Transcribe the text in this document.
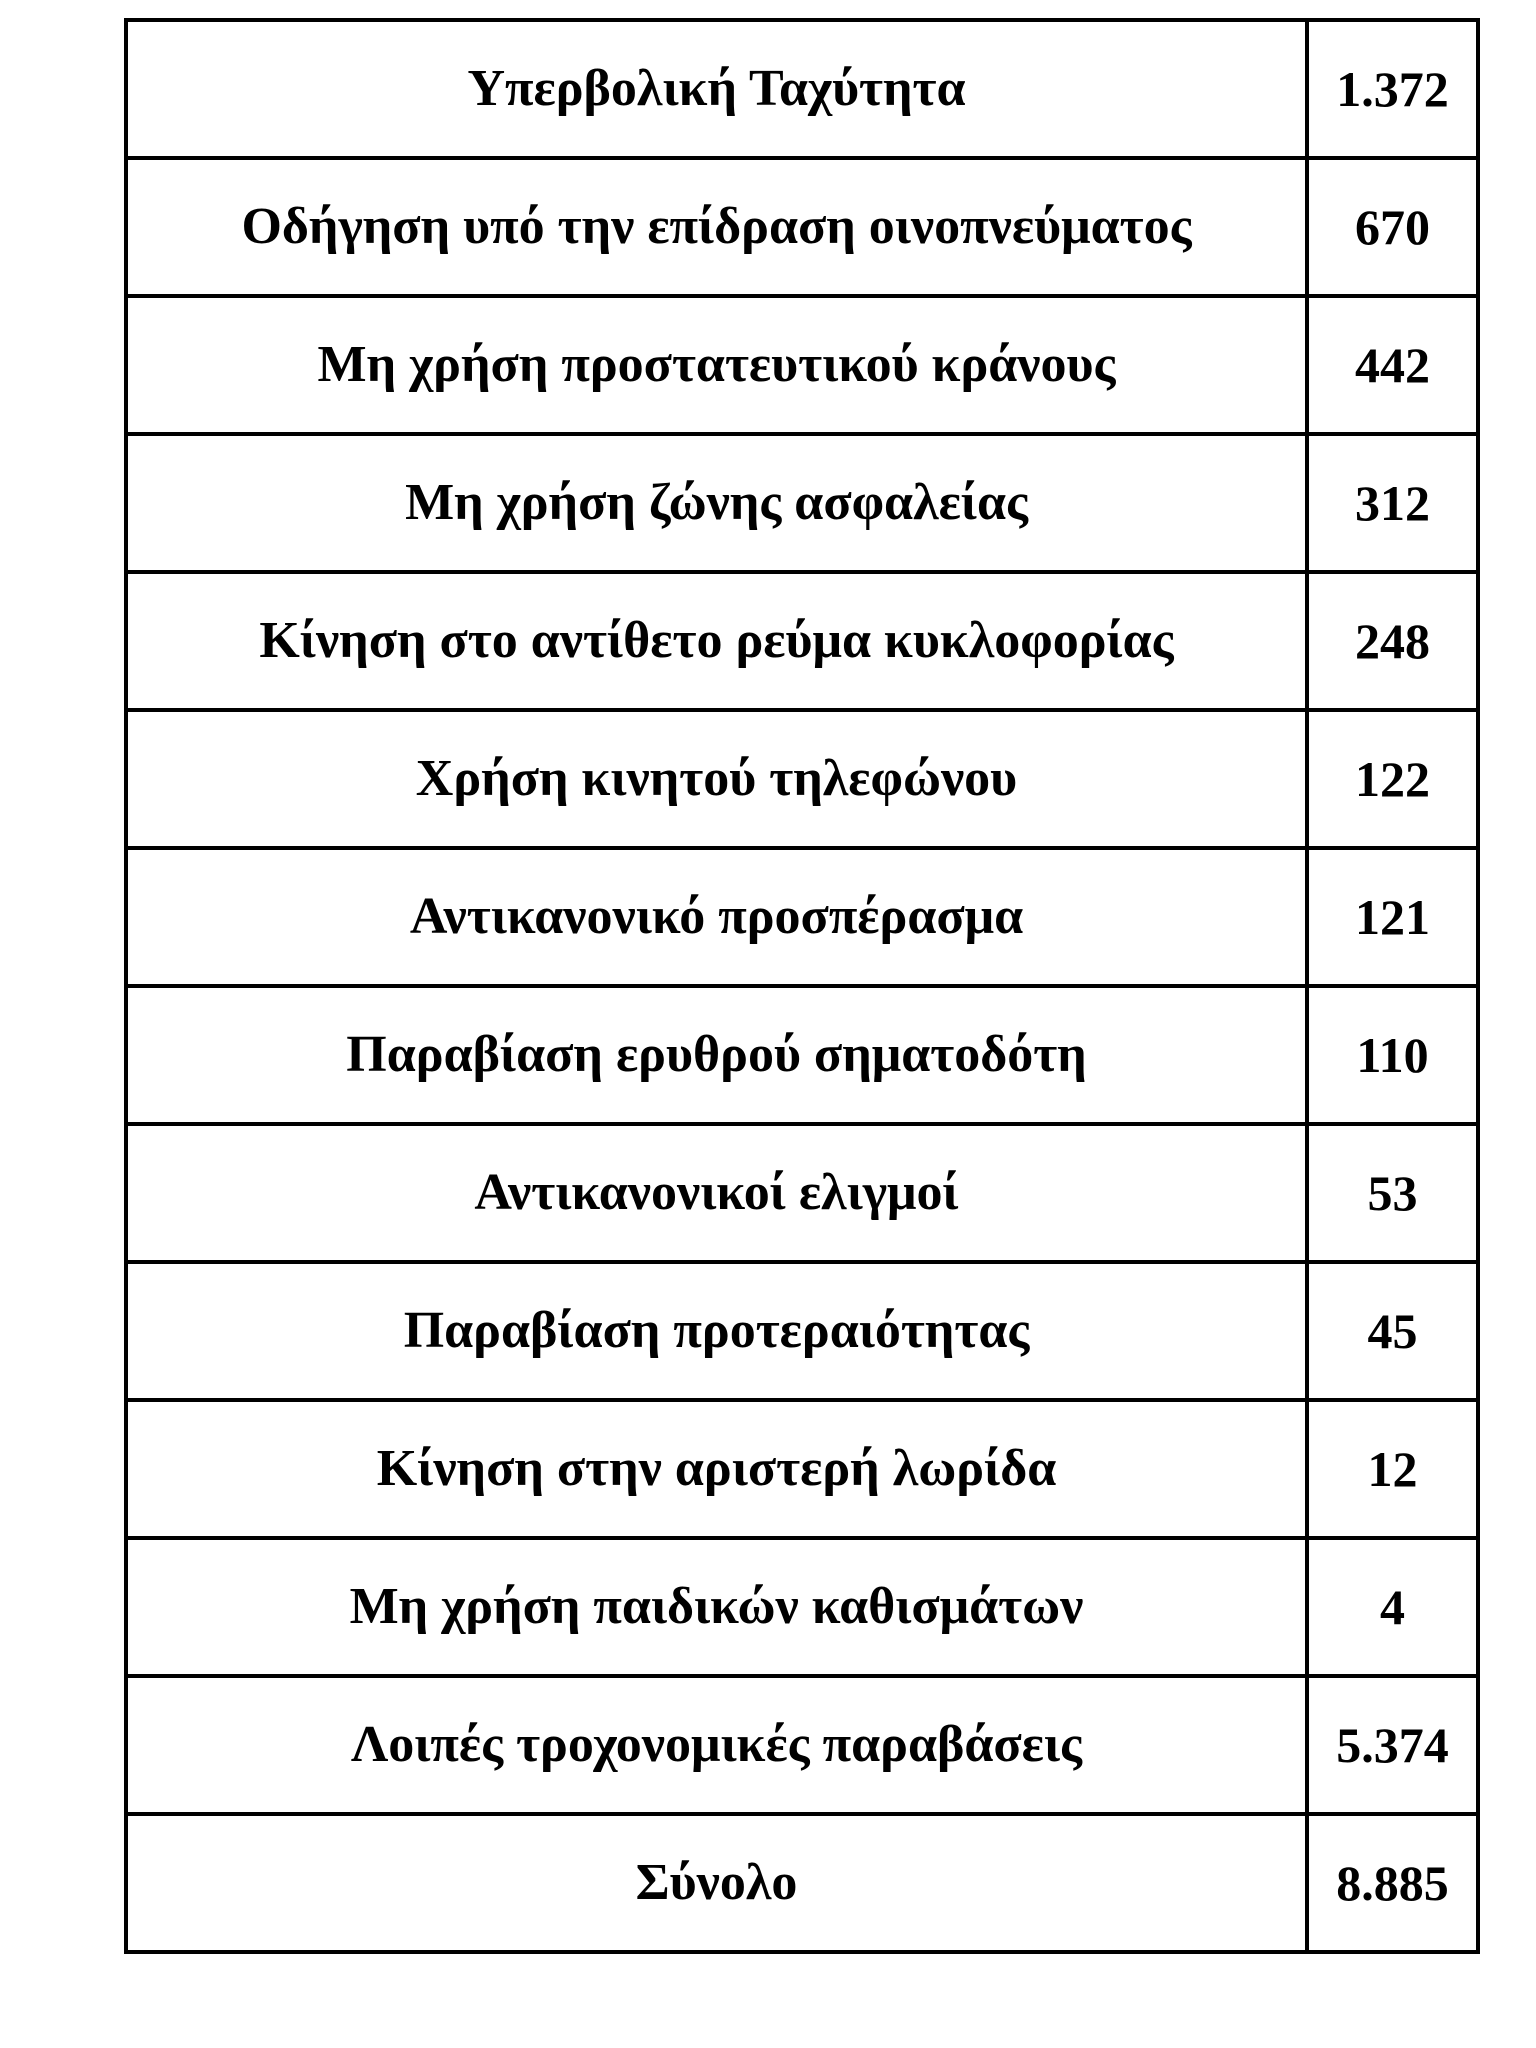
Υπερβολική Ταχύτητα	1.372
Οδήγηση υπό την επίδραση οινοπνεύματος	670
Μη χρήση προστατευτικού κράνους	442
Μη χρήση ζώνης ασφαλείας	312
Κίνηση στο αντίθετο ρεύμα κυκλοφορίας	248
Χρήση κινητού τηλεφώνου	122
Αντικανονικό προσπέρασμα	121
Παραβίαση ερυθρού σηματοδότη	110
Αντικανονικοί ελιγμοί	53
Παραβίαση προτεραιότητας	45
Κίνηση στην αριστερή λωρίδα	12
Μη χρήση παιδικών καθισμάτων	4
Λοιπές τροχονομικές παραβάσεις	5.374
Σύνολο	8.885
